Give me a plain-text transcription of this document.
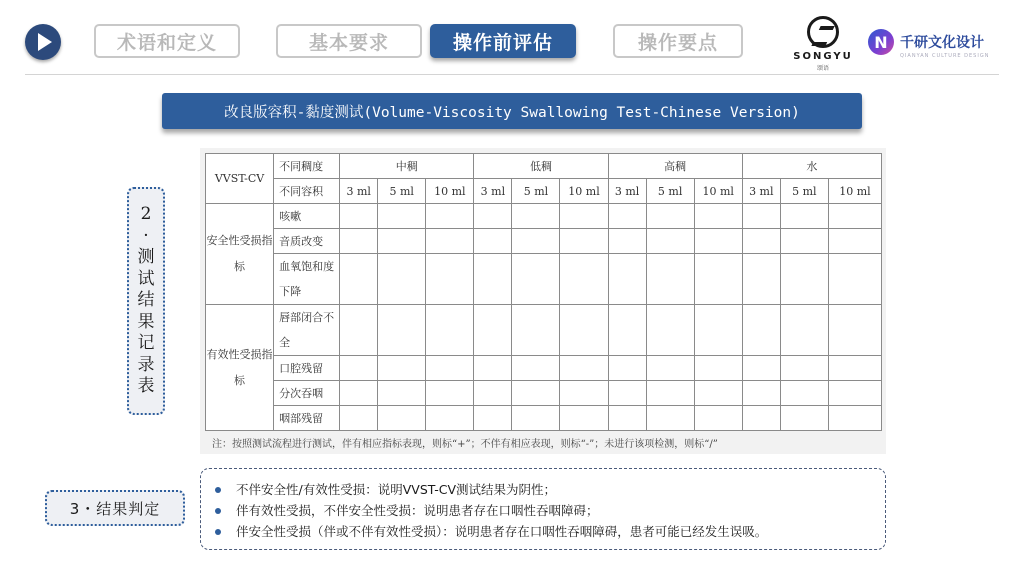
术语和定义	基本要求	操作前评估	操作要点
SONGYU
颂语
N 千研文化设计
QIANYAN CULTURE DESIGN
改良版容积-黏度测试(Volume-Viscosity Swallowing Test-Chinese Version)
2
·
测
试
结
果
记
录
表
VVST-CV	不同稠度	中稠			低稠			高稠			水		
	不同容积	3 ml	5 ml	10 ml	3 ml	5 ml	10 ml	3 ml	5 ml	10 ml	3 ml	5 ml	10 ml
安全性受损指标	咳嗽												
	音质改变												
	血氧饱和度下降												
有效性受损指标	唇部闭合不全												
	口腔残留												
	分次吞咽												
	咽部残留												
注：按照测试流程进行测试，伴有相应指标表现，则标“+”；不伴有相应表现，则标“-”；未进行该项检测，则标“/”
3・结果判定
不伴安全性/有效性受损：说明VVST-CV测试结果为阴性；
伴有效性受损，不伴安全性受损：说明患者存在口咽性吞咽障碍；
伴安全性受损（伴或不伴有效性受损）：说明患者存在口咽性吞咽障碍，患者可能已经发生误吸。
